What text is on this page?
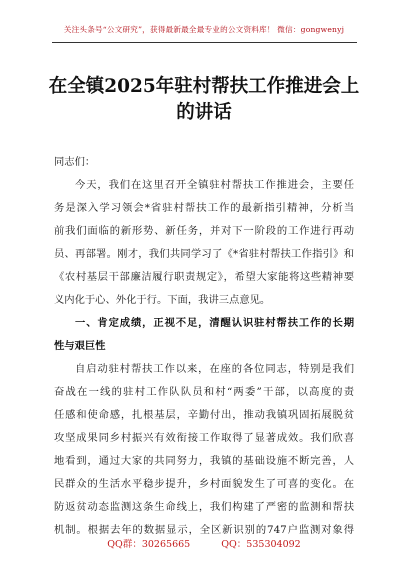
关注头条号“公文研究”，获得最新最全最专业的公文资料库！ 微信：gongwenyj
在全镇2025年驻村帮扶工作推进会上
的讲话
同志们：
今天，我们在这里召开全镇驻村帮扶工作推进会，主要任
务是深入学习领会*省驻村帮扶工作的最新指引精神，分析当
前我们面临的新形势、新任务，并对下一阶段的工作进行再动
员、再部署。刚才，我们共同学习了《*省驻村帮扶工作指引》和
《农村基层干部廉洁履行职责规定》，希望大家能将这些精神要
义内化于心、外化于行。下面，我讲三点意见。
一、肯定成绩，正视不足，清醒认识驻村帮扶工作的长期
性与艰巨性
自启动驻村帮扶工作以来，在座的各位同志，特别是我们
奋战在一线的驻村工作队队员和村“两委”干部，以高度的责
任感和使命感，扎根基层，辛勤付出，推动我镇巩固拓展脱贫
攻坚成果同乡村振兴有效衔接工作取得了显著成效。我们欣喜
地看到，通过大家的共同努力，我镇的基础设施不断完善，人
民群众的生活水平稳步提升，乡村面貌发生了可喜的变化。在
防返贫动态监测这条生命线上，我们构建了严密的监测和帮扶
机制。根据去年的数据显示，全区新识别的747户监测对象得
QQ群：30265665	QQ：535304092
